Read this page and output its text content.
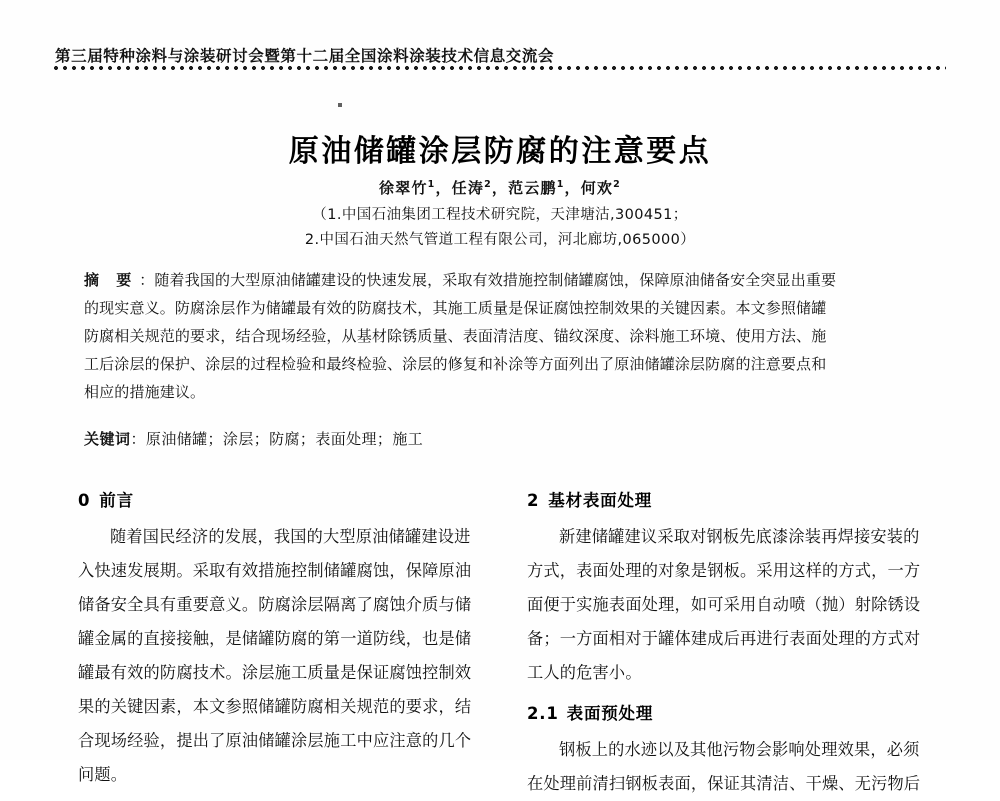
第三届特种涂料与涂装研讨会暨第十二届全国涂料涂装技术信息交流会
原油储罐涂层防腐的注意要点
徐翠竹$^1$，任涛$^2$，范云鹏$^1$，何欢$^2$
（1.中国石油集团工程技术研究院，天津塘沽,300451；
2.中国石油天然气管道工程有限公司，河北廊坊,065000）
摘 要 ：随着我国的大型原油储罐建设的快速发展，采取有效措施控制储罐腐蚀，保障原油储备安全突显出重要
的现实意义。防腐涂层作为储罐最有效的防腐技术，其施工质量是保证腐蚀控制效果的关键因素。本文参照储罐
防腐相关规范的要求，结合现场经验，从基材除锈质量、表面清洁度、锚纹深度、涂料施工环境、使用方法、施
工后涂层的保护、涂层的过程检验和最终检验、涂层的修复和补涂等方面列出了原油储罐涂层防腐的注意要点和
相应的措施建议。
关键词：原油储罐；涂层；防腐；表面处理；施工
0 前言
随着国民经济的发展，我国的大型原油储罐建设进
入快速发展期。采取有效措施控制储罐腐蚀，保障原油
储备安全具有重要意义。防腐涂层隔离了腐蚀介质与储
罐金属的直接接触，是储罐防腐的第一道防线，也是储
罐最有效的防腐技术。涂层施工质量是保证腐蚀控制效
果的关键因素，本文参照储罐防腐相关规范的要求，结
合现场经验，提出了原油储罐涂层施工中应注意的几个
问题。
2 基材表面处理
新建储罐建议采取对钢板先底漆涂装再焊接安装的
方式，表面处理的对象是钢板。采用这样的方式，一方
面便于实施表面处理，如可采用自动喷（抛）射除锈设
备；一方面相对于罐体建成后再进行表面处理的方式对
工人的危害小。
2.1 表面预处理
钢板上的水迹以及其他污物会影响处理效果，必须
在处理前清扫钢板表面，保证其清洁、干燥、无污物后
